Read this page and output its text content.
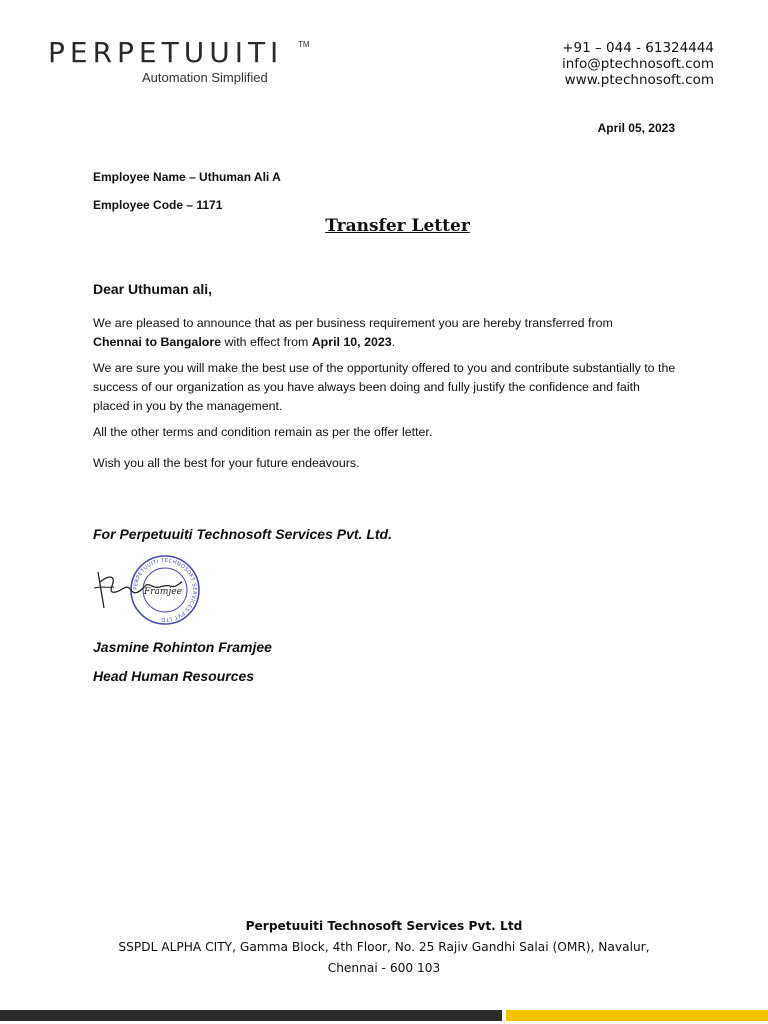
PERPETUUITI TM
Automation Simplified
+91 – 044 - 61324444
info@ptechnosoft.com
www.ptechnosoft.com
April 05, 2023
Employee Name – Uthuman Ali A
Employee Code – 1171
Transfer Letter
Dear Uthuman ali,
We are pleased to announce that as per business requirement you are hereby transferred from
Chennai to Bangalore with effect from April 10, 2023.
We are sure you will make the best use of the opportunity offered to you and contribute substantially to the success of our organization as you have always been doing and fully justify the confidence and faith placed in you by the management.
All the other terms and condition remain as per the offer letter.
Wish you all the best for your future endeavours.
For Perpetuuiti Technosoft Services Pvt. Ltd.
PERPETUUITI TECHNOSOFT SERVICES PVT LTD
Framjee
Jasmine Rohinton Framjee
Head Human Resources
Perpetuuiti Technosoft Services Pvt. Ltd
SSPDL ALPHA CITY, Gamma Block, 4th Floor, No. 25 Rajiv Gandhi Salai (OMR), Navalur,
Chennai - 600 103
